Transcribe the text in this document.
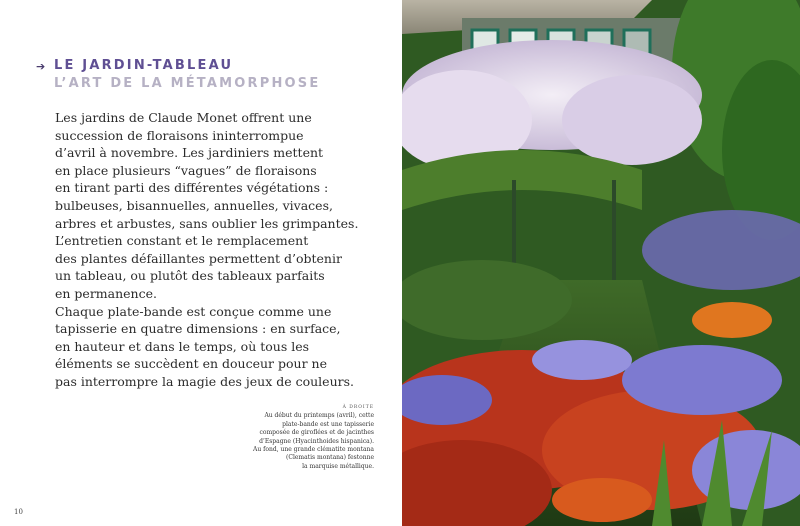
➔ LE JARDIN-TABLEAU
L’ART DE LA MÉTAMORPHOSE
Les jardins de Claude Monet offrent une
succession de floraisons ininterrompue
d’avril à novembre. Les jardiniers mettent
en place plusieurs “vagues” de floraisons
en tirant parti des différentes végétations :
bulbeuses, bisannuelles, annuelles, vivaces,
arbres et arbustes, sans oublier les grimpantes.
L’entretien constant et le remplacement
des plantes défaillantes permettent d’obtenir
un tableau, ou plutôt des tableaux parfaits
en permanence.
Chaque plate-bande est conçue comme une
tapisserie en quatre dimensions : en surface,
en hauteur et dans le temps, où tous les
éléments se succèdent en douceur pour ne
pas interrompre la magie des jeux de couleurs.
À DROITE
Au début du printemps (avril), cette
plate-bande est une tapisserie
composée de giroflées et de jacinthes
d’Espagne (Hyacinthoides hispanica).
Au fond, une grande clématite montana
(Clematis montana) festonne
la marquise métallique.
10
